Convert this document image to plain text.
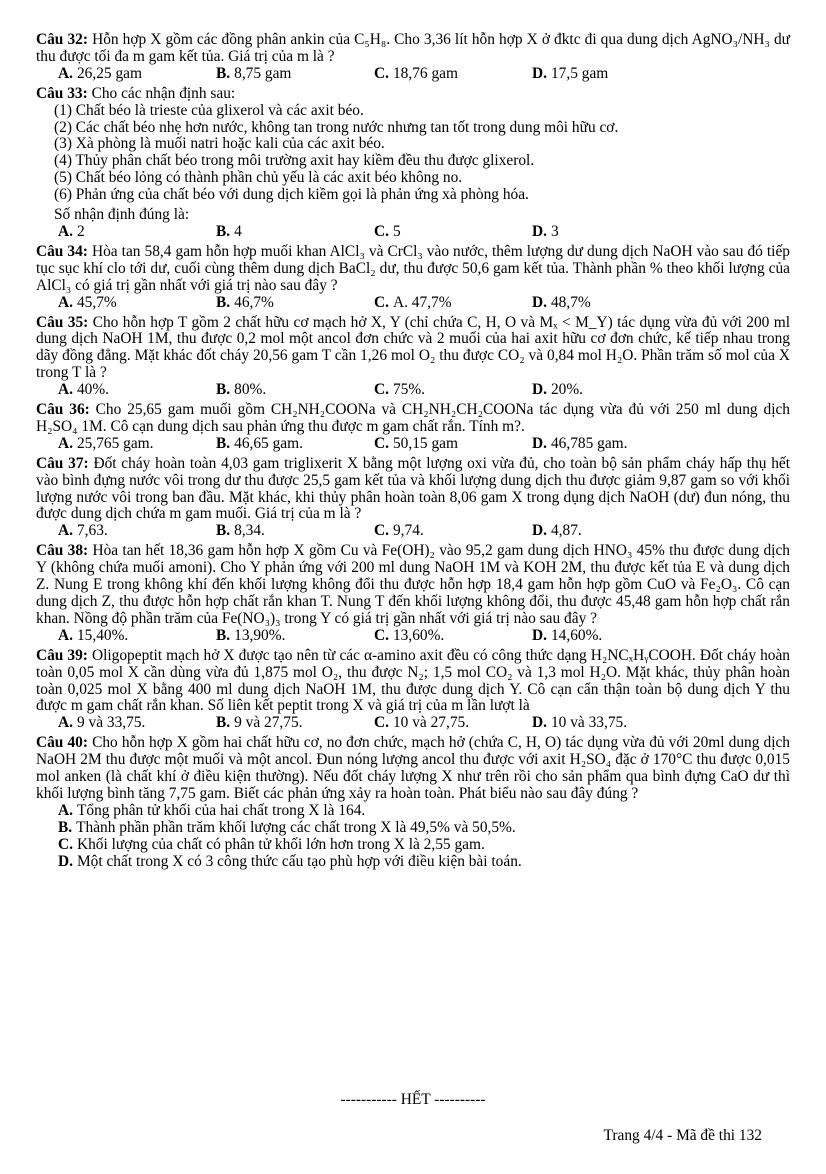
Câu 32: Hỗn hợp X gồm các đồng phân ankin của C₅H₈. Cho 3,36 lít hỗn hợp X ở đktc đi qua dung dịch AgNO₃/NH₃ dư thu được tối đa m gam kết tủa. Giá trị của m là ?
A. 26,25 gam	B. 8,75 gam	C. 18,76 gam	D. 17,5 gam
Câu 33: Cho các nhận định sau:
(1) Chất béo là trieste của glixerol và các axit béo.
(2) Các chất béo nhẹ hơn nước, không tan trong nước nhưng tan tốt trong dung môi hữu cơ.
(3) Xà phòng là muối natri hoặc kali của các axit béo.
(4) Thủy phân chất béo trong môi trường axit hay kiềm đều thu được glixerol.
(5) Chất béo lỏng có thành phần chủ yếu là các axit béo không no.
(6) Phản ứng của chất béo với dung dịch kiềm gọi là phản ứng xà phòng hóa.
Số nhận định đúng là:
A. 2	B. 4	C. 5	D. 3
Câu 34: Hòa tan 58,4 gam hỗn hợp muối khan AlCl₃ và CrCl₃ vào nước, thêm lượng dư dung dịch NaOH vào sau đó tiếp tục sục khí clo tới dư, cuối cùng thêm dung dịch BaCl₂ dư, thu được 50,6 gam kết tủa. Thành phần % theo khối lượng của AlCl₃ có giá trị gần nhất với giá trị nào sau đây ?
A. 45,7%	B. 46,7%	C. A. 47,7%	D. 48,7%
Câu 35: Cho hỗn hợp T gồm 2 chất hữu cơ mạch hở X, Y (chỉ chứa C, H, O và Mₓ < M_Y) tác dụng vừa đủ với 200 ml dung dịch NaOH 1M, thu được 0,2 mol một ancol đơn chức và 2 muối của hai axit hữu cơ đơn chức, kế tiếp nhau trong dãy đồng đẳng. Mặt khác đốt cháy 20,56 gam T cần 1,26 mol O₂ thu được CO₂ và 0,84 mol H₂O. Phần trăm số mol của X trong T là ?
A. 40%.	B. 80%.	C. 75%.	D. 20%.
Câu 36: Cho 25,65 gam muối gồm CH₂NH₂COONa và CH₂NH₂CH₂COONa tác dụng vừa đủ với 250 ml dung dịch H₂SO₄ 1M. Cô cạn dung dịch sau phản ứng thu được m gam chất rắn. Tính m?.
A. 25,765 gam.	B. 46,65 gam.	C. 50,15 gam	D. 46,785 gam.
Câu 37: Đốt cháy hoàn toàn 4,03 gam triglixerit X bằng một lượng oxi vừa đủ, cho toàn bộ sản phẩm cháy hấp thụ hết vào bình đựng nước vôi trong dư thu được 25,5 gam kết tủa và khối lượng dung dịch thu được giảm 9,87 gam so với khối lượng nước vôi trong ban đầu. Mặt khác, khi thủy phân hoàn toàn 8,06 gam X trong dụng dịch NaOH (dư) đun nóng, thu được dung dịch chứa m gam muối. Giá trị của m là ?
A. 7,63.	B. 8,34.	C. 9,74.	D. 4,87.
Câu 38: Hòa tan hết 18,36 gam hỗn hợp X gồm Cu và Fe(OH)₂ vào 95,2 gam dung dịch HNO₃ 45% thu được dung dịch Y (không chứa muối amoni). Cho Y phản ứng với 200 ml dung NaOH 1M và KOH 2M, thu được kết tủa E và dung dịch Z. Nung E trong không khí đến khối lượng không đổi thu được hỗn hợp 18,4 gam hỗn hợp gồm CuO và Fe₂O₃. Cô cạn dung dịch Z, thu được hỗn hợp chất rắn khan T. Nung T đến khối lượng không đổi, thu được 45,48 gam hỗn hợp chất rắn khan. Nồng độ phần trăm của Fe(NO₃)₃ trong Y có giá trị gần nhất với giá trị nào sau đây ?
A. 15,40%.	B. 13,90%.	C. 13,60%.	D. 14,60%.
Câu 39: Oligopeptit mạch hở X được tạo nên từ các α-amino axit đều có công thức dạng H₂NCₓHᵧCOOH. Đốt cháy hoàn toàn 0,05 mol X cần dùng vừa đủ 1,875 mol O₂, thu được N₂; 1,5 mol CO₂ và 1,3 mol H₂O. Mặt khác, thủy phân hoàn toàn 0,025 mol X bằng 400 ml dung dịch NaOH 1M, thu được dung dịch Y. Cô cạn cẩn thận toàn bộ dung dịch Y thu được m gam chất rắn khan. Số liên kết peptit trong X và giá trị của m lần lượt là
A. 9 và 33,75.	B. 9 và 27,75.	C. 10 và 27,75.	D. 10 và 33,75.
Câu 40: Cho hỗn hợp X gồm hai chất hữu cơ, no đơn chức, mạch hở (chứa C, H, O) tác dụng vừa đủ với 20ml dung dịch NaOH 2M thu được một muối và một ancol. Đun nóng lượng ancol thu được với axit H₂SO₄ đặc ở 170°C thu được 0,015 mol anken (là chất khí ở điều kiện thường). Nếu đốt cháy lượng X như trên rồi cho sản phẩm qua bình đựng CaO dư thì khối lượng bình tăng 7,75 gam. Biết các phản ứng xảy ra hoàn toàn. Phát biểu nào sau đây đúng ?
A. Tổng phân tử khối của hai chất trong X là 164.
B. Thành phần phần trăm khối lượng các chất trong X là 49,5% và 50,5%.
C. Khối lượng của chất có phân tử khối lớn hơn trong X là 2,55 gam.
D. Một chất trong X có 3 công thức cấu tạo phù hợp với điều kiện bài toán.
----------- HẾT ----------
Trang 4/4 - Mã đề thi 132
